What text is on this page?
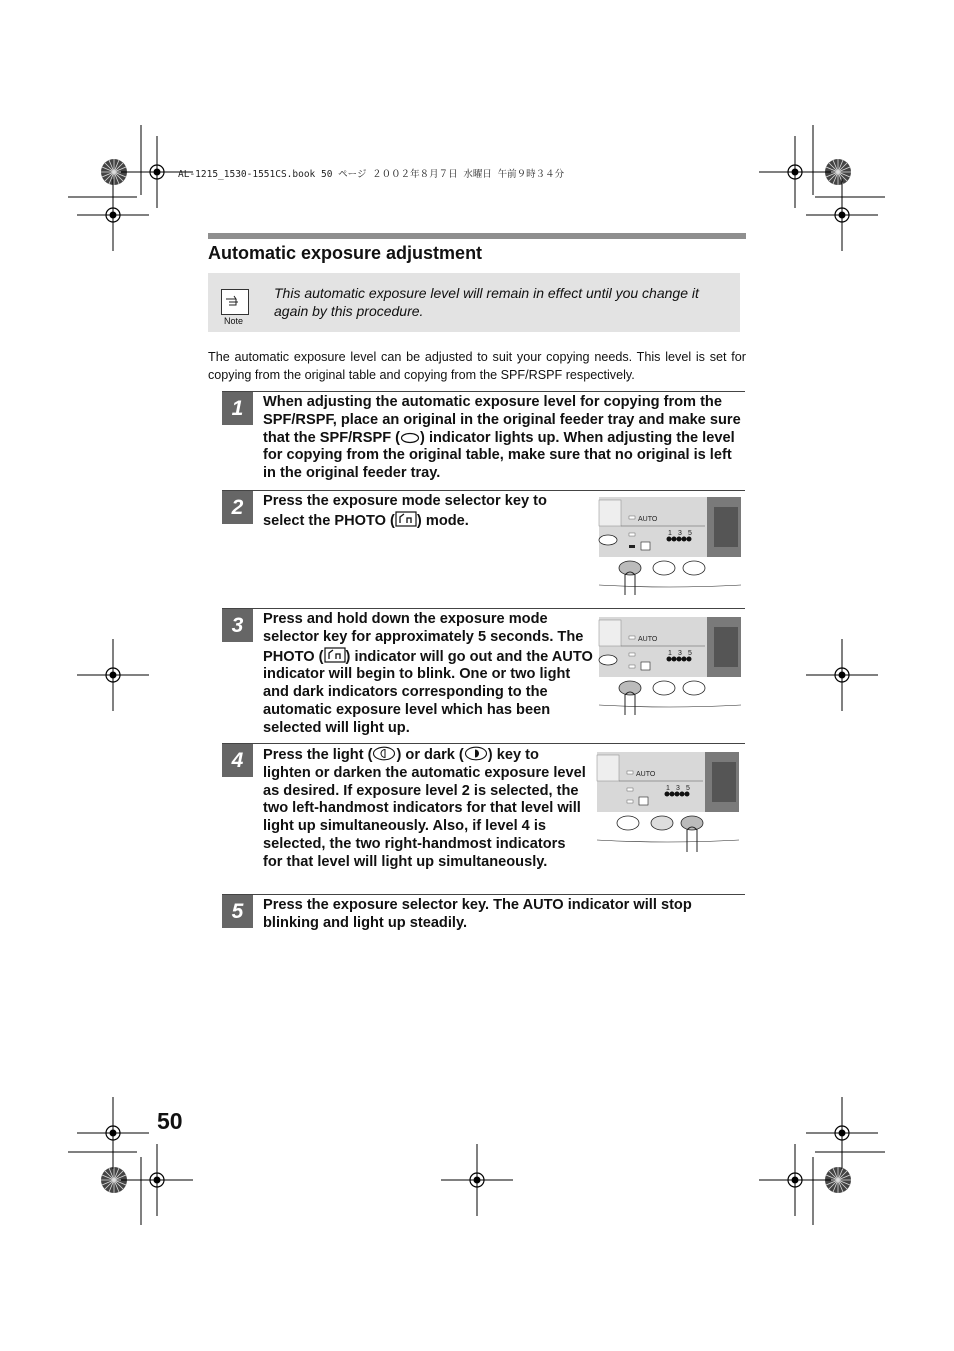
AL-1215_1530-1551CS.book 50 ページ ２００２年８月７日 水曜日 午前９時３４分
Automatic exposure adjustment
Note
This automatic exposure level will remain in effect until you change it again by this procedure.
The automatic exposure level can be adjusted to suit your copying needs. This level is set for copying from the original table and copying from the SPF/RSPF respectively.
1	When adjusting the automatic exposure level for copying from the SPF/RSPF, place an original in the original feeder tray and make sure that the SPF/RSPF ( ) indicator lights up. When adjusting the level for copying from the original table, make sure that no original is left in the original feeder tray.
2	Press the exposure mode selector key to select the PHOTO ( ) mode.
3	Press and hold down the exposure mode selector key for approximately 5 seconds. The PHOTO ( ) indicator will go out and the AUTO indicator will begin to blink. One or two light and dark indicators corresponding to the automatic exposure level which has been selected will light up.
4	Press the light ( ) or dark ( ) key to lighten or darken the automatic exposure level as desired. If exposure level 2 is selected, the two left-handmost indicators for that level will light up simultaneously. Also, if level 4 is selected, the two right-handmost indicators for that level will light up simultaneously.
5	Press the exposure selector key. The AUTO indicator will stop blinking and light up steadily.
AUTO
1 3 5
AUTO
1 3 5
AUTO
1 3 5
50
